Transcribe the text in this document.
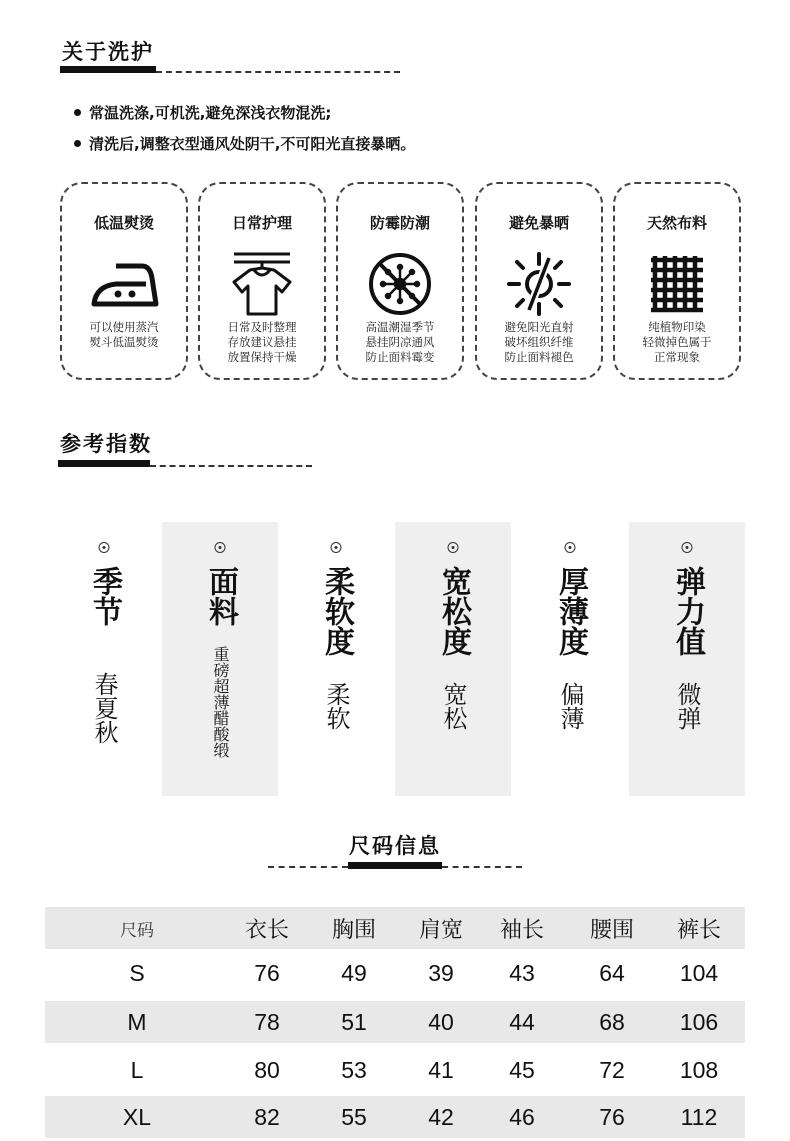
关于洗护
常温洗涤,可机洗,避免深浅衣物混洗;
清洗后,调整衣型通风处阴干,不可阳光直接暴晒。
低温熨烫
可以使用蒸汽
熨斗低温熨烫
日常护理
日常及时整理
存放建议悬挂
放置保持干燥
防霉防潮
高温潮湿季节
悬挂阴凉通风
防止面料霉变
避免暴晒
避免阳光直射
破坏组织纤维
防止面料褪色
天然布料
纯植物印染
轻微掉色属于
正常现象
参考指数
季节
春夏秋
面料
重磅超薄醋酸缎
柔软度
柔软
宽松度
宽松
厚薄度
偏薄
弹力值
微弹
尺码信息
尺码	衣长	胸围	肩宽	袖长	腰围	裤长
S	76	49	39	43	64	104
M	78	51	40	44	68	106
L	80	53	41	45	72	108
XL	82	55	42	46	76	112
